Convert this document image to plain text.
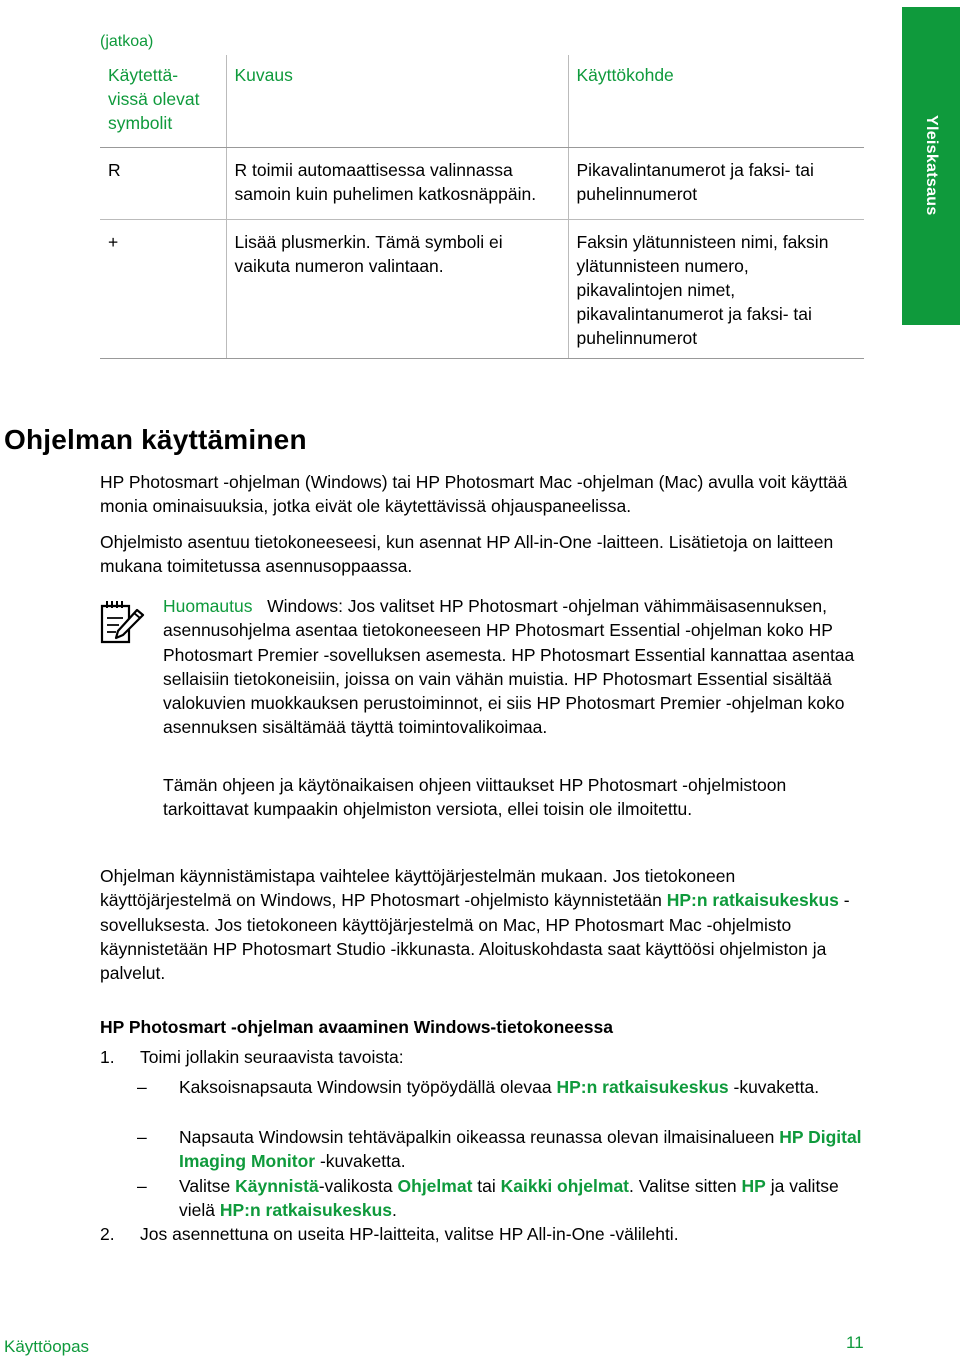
(jatkoa)
Yleiskatsaus
Käytettä-vissä olevat symbolit	Kuvaus	Käyttökohde
R	R toimii automaattisessa valinnassa samoin kuin puhelimen katkosnäppäin.	Pikavalintanumerot ja faksi- tai puhelinnumerot
+	Lisää plusmerkin. Tämä symboli ei vaikuta numeron valintaan.	Faksin ylätunnisteen nimi, faksin ylätunnisteen numero, pikavalintojen nimet, pikavalintanumerot ja faksi- tai puhelinnumerot
Ohjelman käyttäminen

HP Photosmart -ohjelman (Windows) tai HP Photosmart Mac -ohjelman (Mac) avulla voit käyttää monia ominaisuuksia, jotka eivät ole käytettävissä ohjauspaneelissa.

Ohjelmisto asentuu tietokoneeseesi, kun asennat HP All-in-One -laitteen. Lisätietoja on laitteen mukana toimitetussa asennusoppaassa.

Huomautus Windows: Jos valitset HP Photosmart -ohjelman vähimmäisasennuksen, asennusohjelma asentaa tietokoneeseen HP Photosmart Essential -ohjelman koko HP Photosmart Premier -sovelluksen asemesta. HP Photosmart Essential kannattaa asentaa sellaisiin tietokoneisiin, joissa on vain vähän muistia. HP Photosmart Essential sisältää valokuvien muokkauksen perustoiminnot, ei siis HP Photosmart Premier -ohjelman koko asennuksen sisältämää täyttä toimintovalikoimaa.

Tämän ohjeen ja käytönaikaisen ohjeen viittaukset HP Photosmart -ohjelmistoon tarkoittavat kumpaakin ohjelmiston versiota, ellei toisin ole ilmoitettu.

Ohjelman käynnistämistapa vaihtelee käyttöjärjestelmän mukaan. Jos tietokoneen käyttöjärjestelmä on Windows, HP Photosmart -ohjelmisto käynnistetään HP:n ratkaisukeskus -sovelluksesta. Jos tietokoneen käyttöjärjestelmä on Mac, HP Photosmart Mac -ohjelmisto käynnistetään HP Photosmart Studio -ikkunasta. Aloituskohdasta saat käyttöösi ohjelmiston ja palvelut.

HP Photosmart -ohjelman avaaminen Windows-tietokoneessa
1. Toimi jollakin seuraavista tavoista:
– Kaksoisnapsauta Windowsin työpöydällä olevaa HP:n ratkaisukeskus -kuvaketta.
– Napsauta Windowsin tehtäväpalkin oikeassa reunassa olevan ilmaisinalueen HP Digital Imaging Monitor -kuvaketta.
– Valitse Käynnistä-valikosta Ohjelmat tai Kaikki ohjelmat. Valitse sitten HP ja valitse vielä HP:n ratkaisukeskus.
2. Jos asennettuna on useita HP-laitteita, valitse HP All-in-One -välilehti.
Käyttöopas	11
